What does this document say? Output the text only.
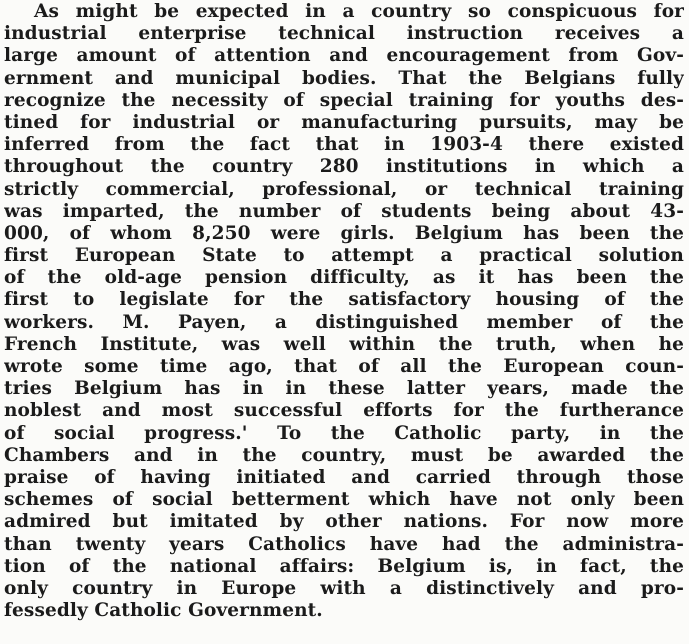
As might be expected in a country so conspicuous for
industrial enterprise technical instruction receives a
large amount of attention and encouragement from Gov-
ernment and municipal bodies. That the Belgians fully
recognize the necessity of special training for youths des-
tined for industrial or manufacturing pursuits, may be
inferred from the fact that in 1903-4 there existed
throughout the country 280 institutions in which a
strictly commercial, professional, or technical training
was imparted, the number of students being about 43-
000, of whom 8,250 were girls. Belgium has been the
first European State to attempt a practical solution
of the old-age pension difficulty, as it has been the
first to legislate for the satisfactory housing of the
workers. M. Payen, a distinguished member of the
French Institute, was well within the truth, when he
wrote some time ago, that of all the European coun-
tries Belgium has in in these latter years, made the
noblest and most successful efforts for the furtherance
of social progress.' To the Catholic party, in the
Chambers and in the country, must be awarded the
praise of having initiated and carried through those
schemes of social betterment which have not only been
admired but imitated by other nations. For now more
than twenty years Catholics have had the administra-
tion of the national affairs: Belgium is, in fact, the
only country in Europe with a distinctively and pro-
fessedly Catholic Government.
